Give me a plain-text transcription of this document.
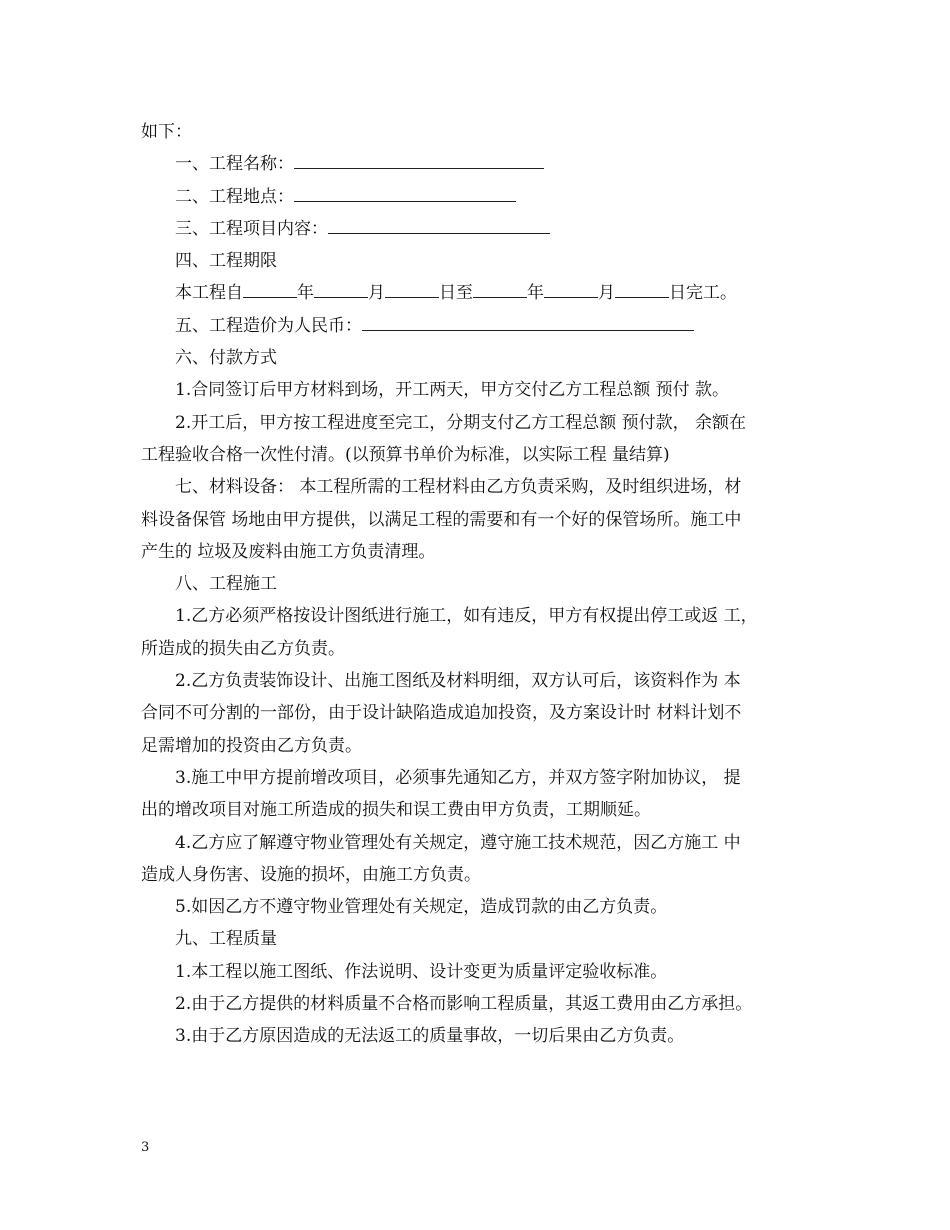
如下：
一、工程名称：
二、工程地点：
三、工程项目内容：
四、工程期限
本工程自	年	月	日至	年	月	日完工。
五、工程造价为人民币：
六、付款方式
1.合同签订后甲方材料到场，开工两天，甲方交付乙方工程总额 预付 款。
2.开工后，甲方按工程进度至完工，分期支付乙方工程总额 预付款， 余额在
工程验收合格一次性付清。(以预算书单价为标准，以实际工程 量结算)
七、材料设备： 本工程所需的工程材料由乙方负责采购，及时组织进场，材
料设备保管 场地由甲方提供，以满足工程的需要和有一个好的保管场所。施工中
产生的 垃圾及废料由施工方负责清理。
八、工程施工
1.乙方必须严格按设计图纸进行施工，如有违反，甲方有权提出停工或返 工，
所造成的损失由乙方负责。
2.乙方负责装饰设计、出施工图纸及材料明细，双方认可后，该资料作为 本
合同不可分割的一部份，由于设计缺陷造成追加投资，及方案设计时 材料计划不
足需增加的投资由乙方负责。
3.施工中甲方提前增改项目，必须事先通知乙方，并双方签字附加协议， 提
出的增改项目对施工所造成的损失和误工费由甲方负责，工期顺延。
4.乙方应了解遵守物业管理处有关规定，遵守施工技术规范，因乙方施工 中
造成人身伤害、设施的损坏，由施工方负责。
5.如因乙方不遵守物业管理处有关规定，造成罚款的由乙方负责。
九、工程质量
1.本工程以施工图纸、作法说明、设计变更为质量评定验收标准。
2.由于乙方提供的材料质量不合格而影响工程质量，其返工费用由乙方承担。
3.由于乙方原因造成的无法返工的质量事故，一切后果由乙方负责。
3
